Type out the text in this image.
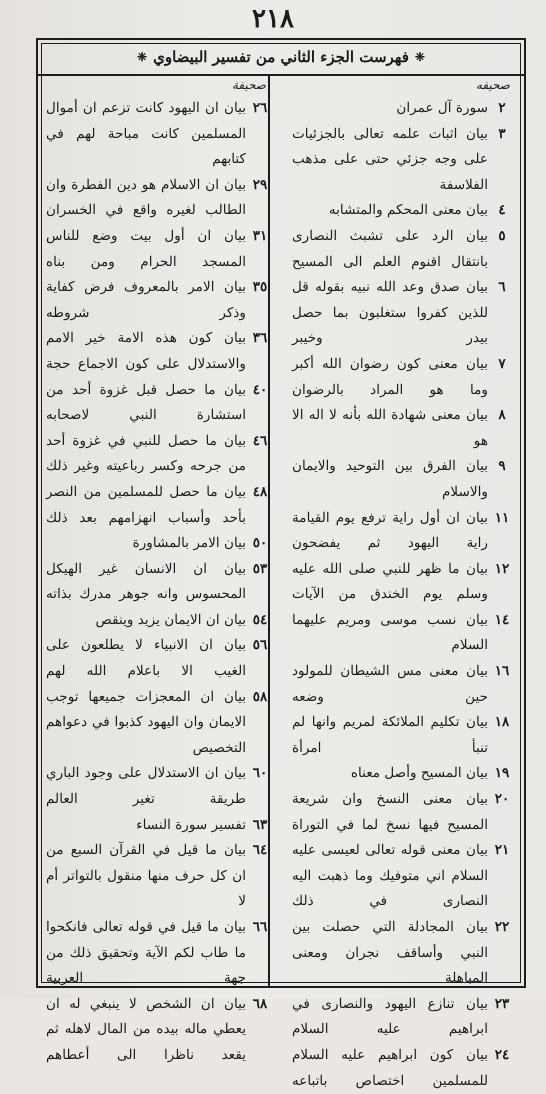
٢١٨
❈
فهرست الجزء الثاني من تفسير البيضاوي
❈
صحيفه
صحيفة
٢
سورة آل عمران
٣
بيان اثبات علمه تعالى بالجزئيات على وجه جزئي حتى على مذهب الفلاسفة
٤
بيان معنى المحكم والمتشابه
٥
بيان الرد على تشبث النصارى بانتقال اقنوم العلم الى المسيح
٦
بيان صدق وعد الله نبيه بقوله قل للذين كفروا ستغلبون بما حصل بيدر وخيبر
٧
بيان معنى كون رضوان الله أكبر وما هو المراد بالرضوان
٨
بيان معنى شهادة الله بأنه لا اله الا هو
٩
بيان الفرق بين التوحيد والايمان والاسلام
١١
بيان ان أول راية ترفع يوم القيامة راية اليهود ثم يفضحون
١٢
بيان ما ظهر للنبي صلى الله عليه وسلم يوم الخندق من الآيات
١٤
بيان نسب موسى ومريم عليهما السلام
١٦
بيان معنى مس الشيطان للمولود حين وضعه
١٨
بيان تكليم الملائكة لمريم وانها لم تنبأ امرأة
١٩
بيان المسيح وأصل معناه
٢٠
بيان معنى النسخ وان شريعة المسيح فيها نسخ لما في التوراة
٢١
بيان معنى قوله تعالى لعيسى عليه السلام اني متوفيك وما ذهبت اليه النصارى في ذلك
٢٢
بيان المجادلة التي حصلت بين النبي وأساقف نجران ومعنى المباهلة
٢٣
بيان تنازع اليهود والنصارى في ابراهيم عليه السلام
٢٤
بيان كون ابراهيم عليه السلام للمسلمين اختصاص باتباعه
٢٦
بيان ان اليهود كانت تزعم ان أموال المسلمين كانت مباحة لهم في كتابهم
٢٩
بيان ان الاسلام هو دين الفطرة وان الطالب لغيره واقع في الخسران
٣١
بيان ان أول بيت وضع للناس المسجد الحرام ومن بناه
٣٥
بيان الامر بالمعروف فرض كفاية وذكر شروطه
٣٦
بيان كون هذه الامة خير الامم والاستدلال على كون الاجماع حجة
٤٠
بيان ما حصل قبل غزوة أحد من استشارة النبي لاصحابه
٤٦
بيان ما حصل للنبي في غزوة أحد من جرحه وكسر رباعيته وغير ذلك
٤٨
بيان ما حصل للمسلمين من النصر بأحد وأسباب انهزامهم بعد ذلك
٥٠
بيان الامر بالمشاورة
٥٣
بيان ان الانسان غير الهيكل المحسوس وانه جوهر مدرك بذاته
٥٤
بيان ان الايمان يزيد وينقص
٥٦
بيان ان الانبياء لا يطلعون على الغيب الا باعلام الله لهم
٥٨
بيان ان المعجزات جميعها توجب الايمان وان اليهود كذبوا في دعواهم التخصيص
٦٠
بيان ان الاستدلال على وجود الباري طريقة تغير العالم
٦٣
تفسير سورة النساء
٦٤
بيان ما قيل في القرآن السبع من ان كل حرف منها منقول بالتواتر أم لا
٦٦
بيان ما قيل في قوله تعالى فانكحوا ما طاب لكم الآية وتحقيق ذلك من جهة العربية
٦٨
بيان ان الشخص لا ينبغي له ان يعطي ماله بيده من المال لاهله ثم يقعد ناظرا الى أعطاهم
